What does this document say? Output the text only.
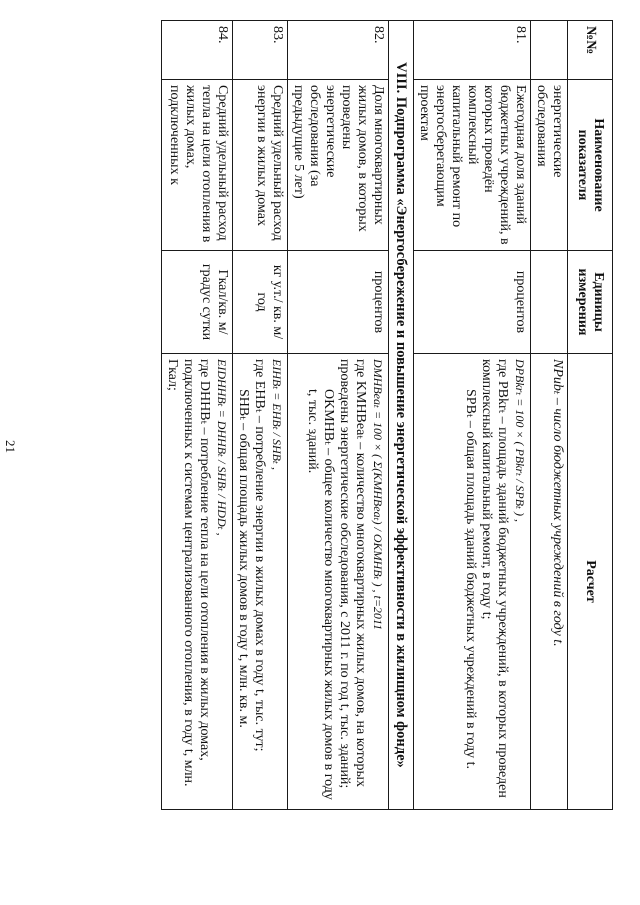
21
№№	Наименование показателя	Единицы измерения	Расчет
	энергетические обследования		NPubₜ – число бюджетных учреждений в году t.
81.	Ежегодная доля зданий бюджетных учреждений, в которых проведён комплексный капитальный ремонт по энергосберегающим проектам	процентов	DPBkrₜ = 100 × ( PBkrₜ / SPBₜ ) ,
где PBkrₜ – площадь зданий бюджетных учреждений, в которых проведен комплексный капитальный ремонт, в году t;
SPBₜ – общая площадь зданий бюджетных учреждений в году t.

VIII. Подпрограмма «Энергосбережение и повышение энергетической эффективности в жилищном фонде»			
82.	Доля многоквартирных жилых домов, в которых проведены энергетические обследования (за предыдущие 5 лет)	процентов	DMHBeaₜ = 100 × ( Σ(KMHBeaₜ) / OKMHBₜ ) , t=2011
где KMHBeaₜ – количество многоквартирных жилых домов, на которых проведены энергетические обследования, с 2011 г. по год t, тыс. зданий;
OKMHBₜ – общее количество многоквартирных жилых домов в году t, тыс. зданий.

83.	Средний удельный расход энергии в жилых домах	кг у.т./ кв. м/ год	EIHBₜ = EHBₜ / SHBₜ ,
где EHBₜ – потребление энергии в жилых домах в году t, тыс. тут;
SHBₜ – общая площадь жилых домов в году t, млн. кв. м.

84.	Средний удельный расход тепла на цели отопления в жилых домах, подключенных к	Гкал/кв. м/ градус сутки	EIDHHBₜ = DHHBₜ / SHBₜ / HDDₜ ,
где DHHBₜ – потребление тепла на цели отопления в жилых домах, подключенных к системам централизованного отопления, в году t, млн. Гкал;
